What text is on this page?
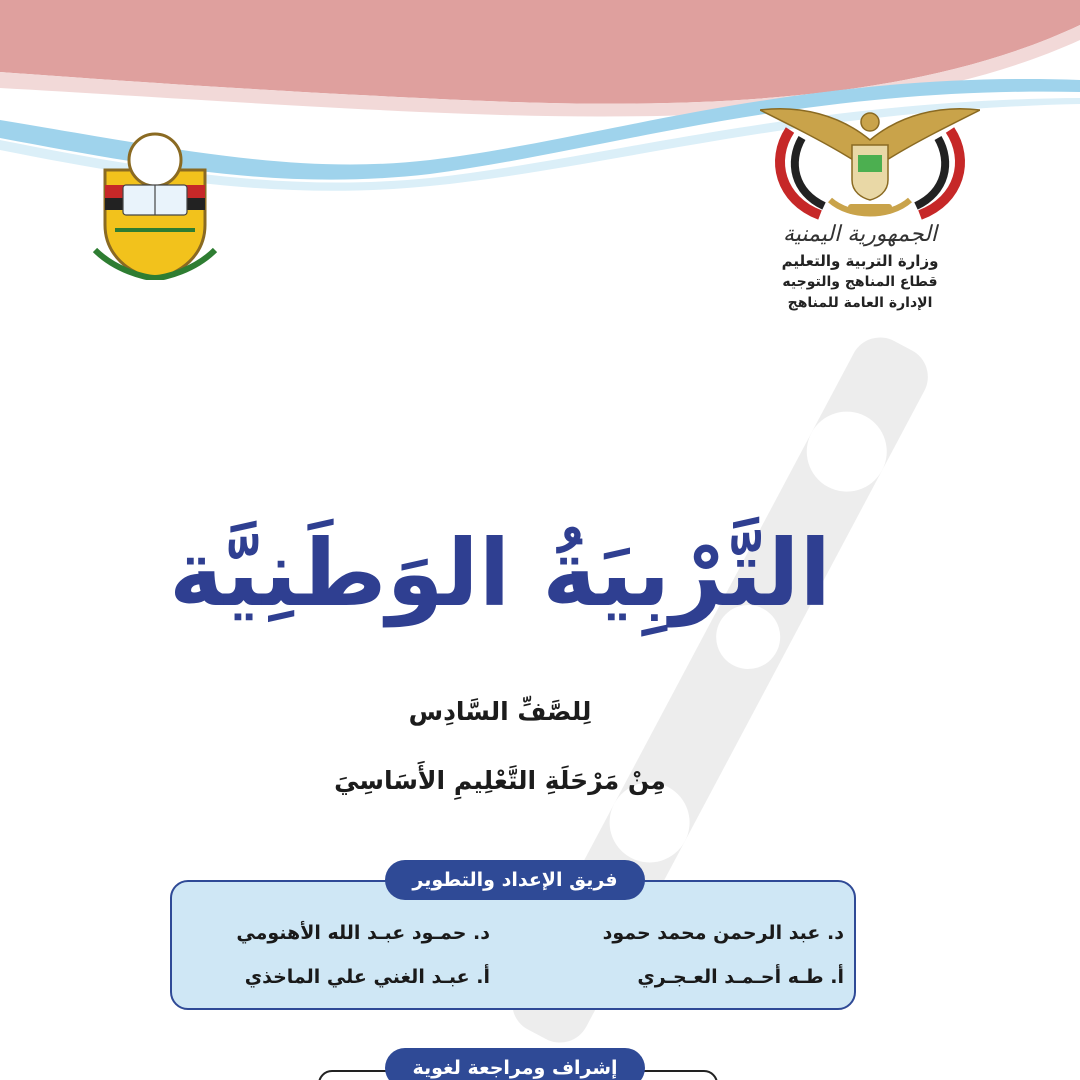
الجمهورية اليمنية
وزارة التربية والتعليم
قطاع المناهج والتوجيه
الإدارة العامة للمناهج
التَّرْبِيَةُ الوَطَنِيَّة
لِلصَّفِّ السَّادِس
مِنْ مَرْحَلَةِ التَّعْلِيمِ الأَسَاسِيَ
فريق الإعداد والتطوير
د. عبد الرحمن محمد حمود
د. حمـود عبـد الله الأهنومي
أ. طـه أحـمـد العـجـري
أ. عبـد الغني علي الماخذي
إشراف ومراجعة لغوية
